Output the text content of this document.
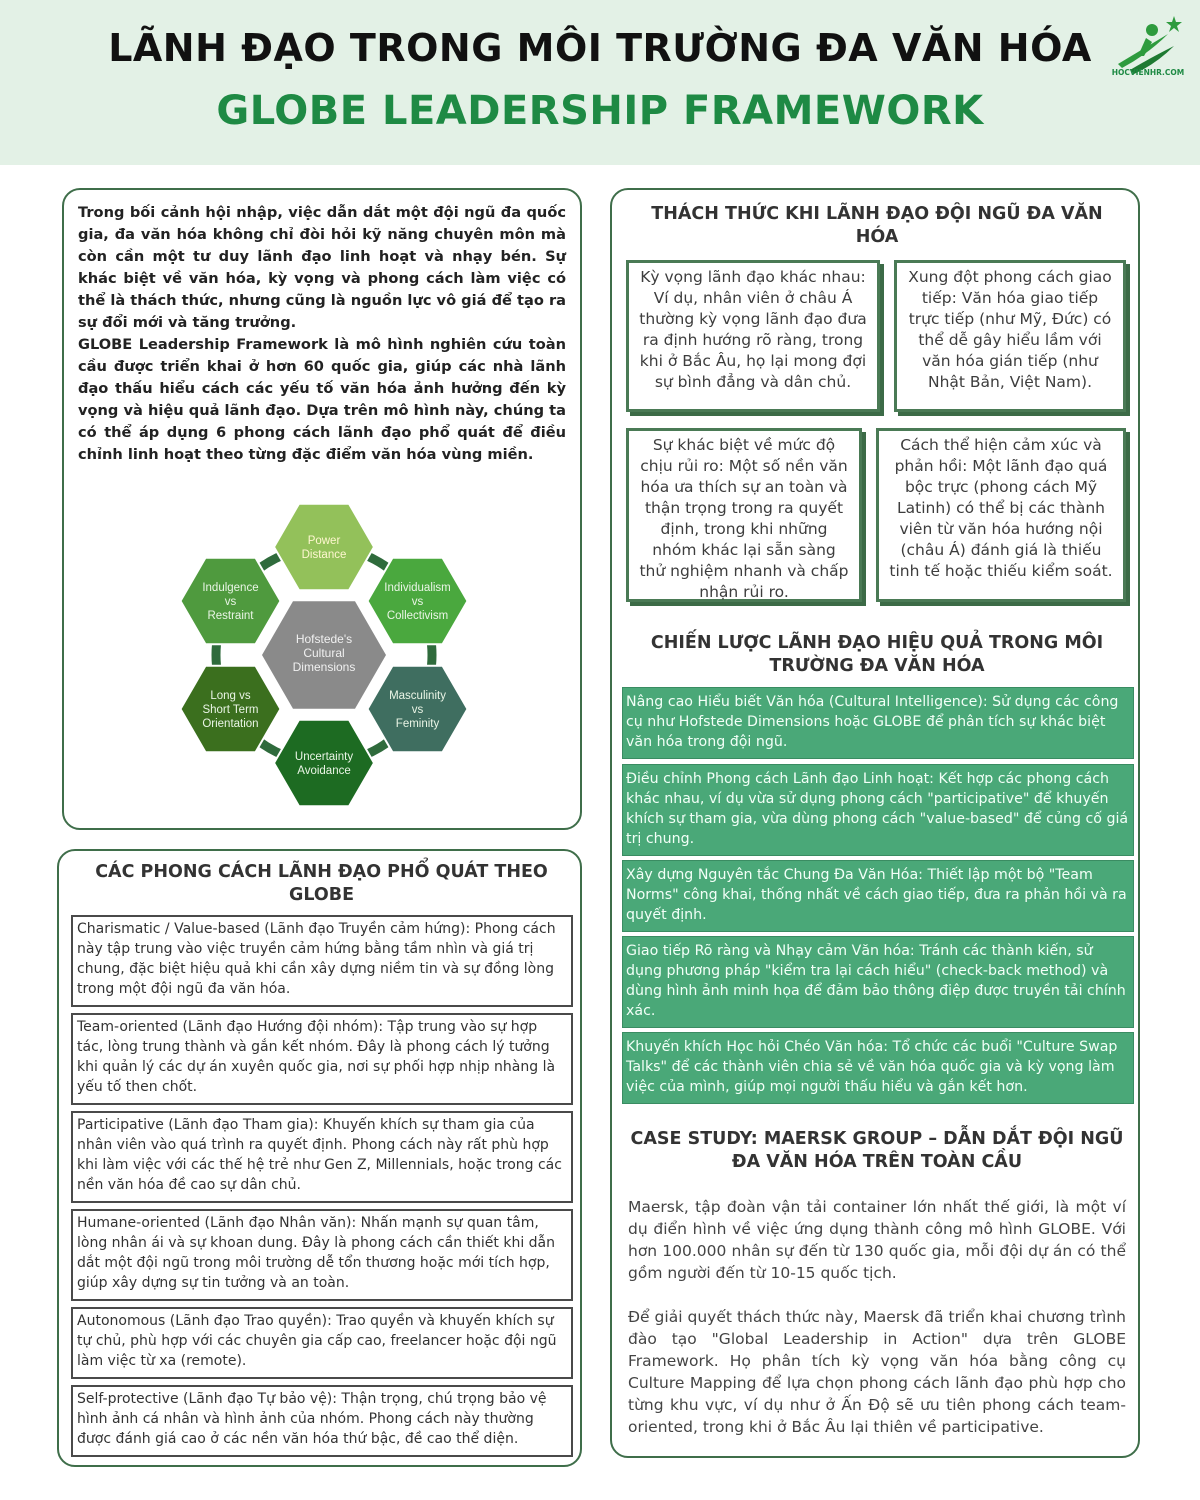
LÃNH ĐẠO TRONG MÔI TRƯỜNG ĐA VĂN HÓA
GLOBE LEADERSHIP FRAMEWORK
HOCVIENHR.COM

Trong bối cảnh hội nhập, việc dẫn dắt một đội ngũ đa quốc gia, đa văn hóa không chỉ đòi hỏi kỹ năng chuyên môn mà còn cần một tư duy lãnh đạo linh hoạt và nhạy bén. Sự khác biệt về văn hóa, kỳ vọng và phong cách làm việc có thể là thách thức, nhưng cũng là nguồn lực vô giá để tạo ra sự đổi mới và tăng trưởng.

GLOBE Leadership Framework là mô hình nghiên cứu toàn cầu được triển khai ở hơn 60 quốc gia, giúp các nhà lãnh đạo thấu hiểu cách các yếu tố văn hóa ảnh hưởng đến kỳ vọng và hiệu quả lãnh đạo. Dựa trên mô hình này, chúng ta có thể áp dụng 6 phong cách lãnh đạo phổ quát để điều chỉnh linh hoạt theo từng đặc điểm văn hóa vùng miền.

Hofstede's
Cultural
Dimensions
Power
Distance
Individualism
vs
Collectivism
Masculinity
vs
Feminity
Uncertainty
Avoidance
Long vs
Short Term
Orientation
Indulgence
vs
Restraint
CÁC PHONG CÁCH LÃNH ĐẠO PHỔ QUÁT THEO GLOBE
Charismatic / Value-based (Lãnh đạo Truyền cảm hứng): Phong cách này tập trung vào việc truyền cảm hứng bằng tầm nhìn và giá trị chung, đặc biệt hiệu quả khi cần xây dựng niềm tin và sự đồng lòng trong một đội ngũ đa văn hóa.
Team-oriented (Lãnh đạo Hướng đội nhóm): Tập trung vào sự hợp tác, lòng trung thành và gắn kết nhóm. Đây là phong cách lý tưởng khi quản lý các dự án xuyên quốc gia, nơi sự phối hợp nhịp nhàng là yếu tố then chốt.
Participative (Lãnh đạo Tham gia): Khuyến khích sự tham gia của nhân viên vào quá trình ra quyết định. Phong cách này rất phù hợp khi làm việc với các thế hệ trẻ như Gen Z, Millennials, hoặc trong các nền văn hóa đề cao sự dân chủ.
Humane-oriented (Lãnh đạo Nhân văn): Nhấn mạnh sự quan tâm, lòng nhân ái và sự khoan dung. Đây là phong cách cần thiết khi dẫn dắt một đội ngũ trong môi trường dễ tổn thương hoặc mới tích hợp, giúp xây dựng sự tin tưởng và an toàn.
Autonomous (Lãnh đạo Trao quyền): Trao quyền và khuyến khích sự tự chủ, phù hợp với các chuyên gia cấp cao, freelancer hoặc đội ngũ làm việc từ xa (remote).
Self-protective (Lãnh đạo Tự bảo vệ): Thận trọng, chú trọng bảo vệ hình ảnh cá nhân và hình ảnh của nhóm. Phong cách này thường được đánh giá cao ở các nền văn hóa thứ bậc, đề cao thể diện.
THÁCH THỨC KHI LÃNH ĐẠO ĐỘI NGŨ ĐA VĂN HÓA
Kỳ vọng lãnh đạo khác nhau: Ví dụ, nhân viên ở châu Á thường kỳ vọng lãnh đạo đưa ra định hướng rõ ràng, trong khi ở Bắc Âu, họ lại mong đợi sự bình đẳng và dân chủ.
Xung đột phong cách giao tiếp: Văn hóa giao tiếp trực tiếp (như Mỹ, Đức) có thể dễ gây hiểu lầm với văn hóa gián tiếp (như Nhật Bản, Việt Nam).
Sự khác biệt về mức độ chịu rủi ro: Một số nền văn hóa ưa thích sự an toàn và thận trọng trong ra quyết định, trong khi những nhóm khác lại sẵn sàng thử nghiệm nhanh và chấp nhận rủi ro.
Cách thể hiện cảm xúc và phản hồi: Một lãnh đạo quá bộc trực (phong cách Mỹ Latinh) có thể bị các thành viên từ văn hóa hướng nội (châu Á) đánh giá là thiếu tinh tế hoặc thiếu kiểm soát.
CHIẾN LƯỢC LÃNH ĐẠO HIỆU QUẢ TRONG MÔI TRƯỜNG ĐA VĂN HÓA
Nâng cao Hiểu biết Văn hóa (Cultural Intelligence): Sử dụng các công cụ như Hofstede Dimensions hoặc GLOBE để phân tích sự khác biệt văn hóa trong đội ngũ.
Điều chỉnh Phong cách Lãnh đạo Linh hoạt: Kết hợp các phong cách khác nhau, ví dụ vừa sử dụng phong cách "participative" để khuyến khích sự tham gia, vừa dùng phong cách "value-based" để củng cố giá trị chung.
Xây dựng Nguyên tắc Chung Đa Văn Hóa: Thiết lập một bộ "Team Norms" công khai, thống nhất về cách giao tiếp, đưa ra phản hồi và ra quyết định.
Giao tiếp Rõ ràng và Nhạy cảm Văn hóa: Tránh các thành kiến, sử dụng phương pháp "kiểm tra lại cách hiểu" (check-back method) và dùng hình ảnh minh họa để đảm bảo thông điệp được truyền tải chính xác.
Khuyến khích Học hỏi Chéo Văn hóa: Tổ chức các buổi "Culture Swap Talks" để các thành viên chia sẻ về văn hóa quốc gia và kỳ vọng làm việc của mình, giúp mọi người thấu hiểu và gắn kết hơn.
CASE STUDY: MAERSK GROUP – DẪN DẮT ĐỘI NGŨ ĐA VĂN HÓA TRÊN TOÀN CẦU
Maersk, tập đoàn vận tải container lớn nhất thế giới, là một ví dụ điển hình về việc ứng dụng thành công mô hình GLOBE. Với hơn 100.000 nhân sự đến từ 130 quốc gia, mỗi đội dự án có thể gồm người đến từ 10-15 quốc tịch.
Để giải quyết thách thức này, Maersk đã triển khai chương trình đào tạo "Global Leadership in Action" dựa trên GLOBE Framework. Họ phân tích kỳ vọng văn hóa bằng công cụ Culture Mapping để lựa chọn phong cách lãnh đạo phù hợp cho từng khu vực, ví dụ như ở Ấn Độ sẽ ưu tiên phong cách team-oriented, trong khi ở Bắc Âu lại thiên về participative.
